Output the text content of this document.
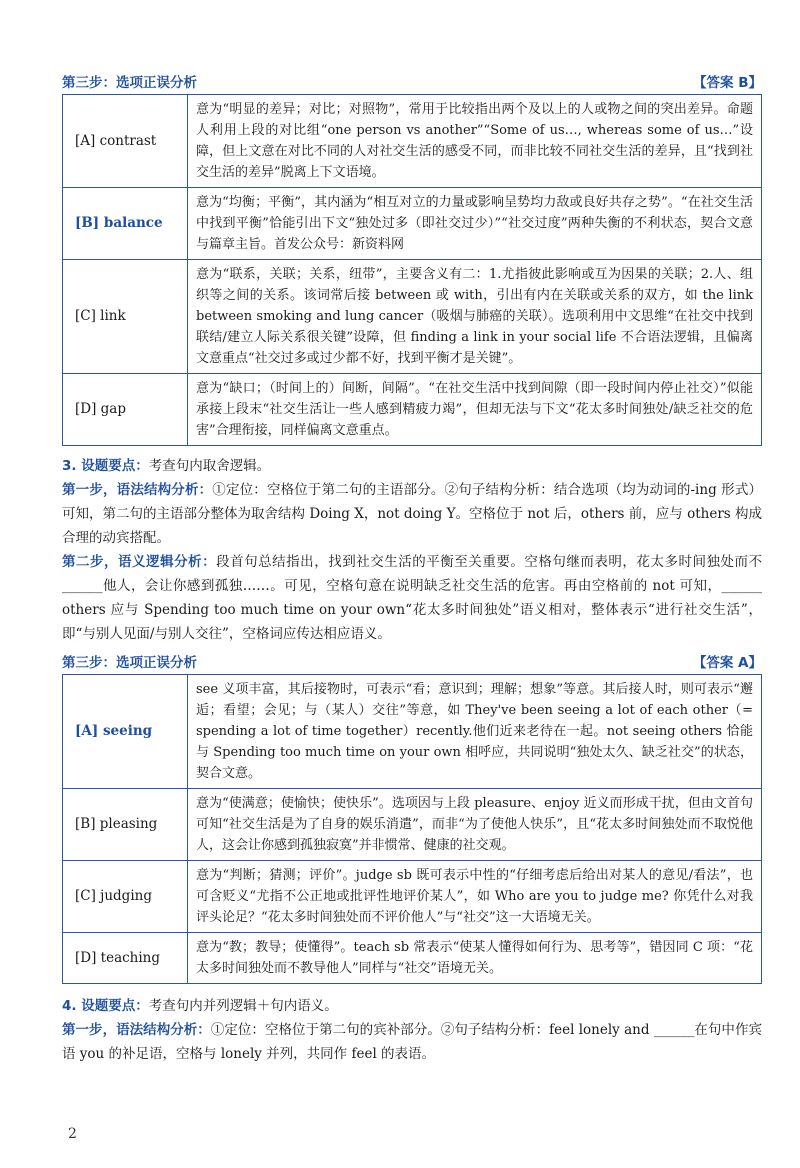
第三步：选项正误分析	【答案 B】
[A] contrast	意为“明显的差异；对比；对照物”，常用于比较指出两个及以上的人或物之间的突出差异。命题人利用上段的对比组“one person vs another”“Some of us…, whereas some of us…”设障，但上文意在对比不同的人对社交生活的感受不同，而非比较不同社交生活的差异，且“找到社交生活的差异”脱离上下文语境。
[B] balance	意为“均衡；平衡”，其内涵为“相互对立的力量或影响呈势均力敌或良好共存之势”。“在社交生活中找到平衡”恰能引出下文“独处过多（即社交过少）”“社交过度”两种失衡的不利状态，契合文意与篇章主旨。首发公众号：新资料网
[C] link	意为“联系，关联；关系，纽带”，主要含义有二：1.尤指彼此影响或互为因果的关联；2.人、组织等之间的关系。该词常后接 between 或 with，引出有内在关联或关系的双方，如 the link between smoking and lung cancer（吸烟与肺癌的关联）。选项利用中文思维“在社交中找到联结/建立人际关系很关键”设障，但 finding a link in your social life 不合语法逻辑，且偏离文意重点“社交过多或过少都不好，找到平衡才是关键”。
[D] gap	意为“缺口；（时间上的）间断，间隔”。“在社交生活中找到间隙（即一段时间内停止社交）”似能承接上段末“社交生活让一些人感到精疲力竭”，但却无法与下文“花太多时间独处/缺乏社交的危害”合理衔接，同样偏离文意重点。
3. 设题要点：考查句内取舍逻辑。
第一步，语法结构分析：①定位：空格位于第二句的主语部分。②句子结构分析：结合选项（均为动词的-ing 形式）可知，第二句的主语部分整体为取舍结构 Doing X，not doing Y。空格位于 not 后，others 前，应与 others 构成合理的动宾搭配。
第二步，语义逻辑分析：段首句总结指出，找到社交生活的平衡至关重要。空格句继而表明，花太多时间独处而不______他人，会让你感到孤独……。可见，空格句意在说明缺乏社交生活的危害。再由空格前的 not 可知，______ others 应与 Spending too much time on your own“花太多时间独处”语义相对，整体表示“进行社交生活”，即“与别人见面/与别人交往”，空格词应传达相应语义。
第三步：选项正误分析	【答案 A】
[A] seeing	see 义项丰富，其后接物时，可表示“看；意识到；理解；想象”等意。其后接人时，则可表示“邂逅；看望；会见；与（某人）交往”等意，如 They've been seeing a lot of each other（= spending a lot of time together）recently.他们近来老待在一起。not seeing others 恰能与 Spending too much time on your own 相呼应，共同说明“独处太久、缺乏社交”的状态，契合文意。
[B] pleasing	意为“使满意；使愉快；使快乐”。选项因与上段 pleasure、enjoy 近义而形成干扰，但由文首句可知“社交生活是为了自身的娱乐消遣”，而非“为了使他人快乐”，且“花太多时间独处而不取悦他人，这会让你感到孤独寂寞”并非惯常、健康的社交观。
[C] judging	意为“判断；猜测；评价”。judge sb 既可表示中性的“仔细考虑后给出对某人的意见/看法”，也可含贬义“尤指不公正地或批评性地评价某人”，如 Who are you to judge me? 你凭什么对我评头论足？“花太多时间独处而不评价他人”与“社交”这一大语境无关。
[D] teaching	意为“教；教导；使懂得”。teach sb 常表示“使某人懂得如何行为、思考等”，错因同 C 项：“花太多时间独处而不教导他人”同样与“社交”语境无关。
4. 设题要点：考查句内并列逻辑＋句内语义。
第一步，语法结构分析：①定位：空格位于第二句的宾补部分。②句子结构分析：feel lonely and ______在句中作宾语 you 的补足语，空格与 lonely 并列，共同作 feel 的表语。
2
